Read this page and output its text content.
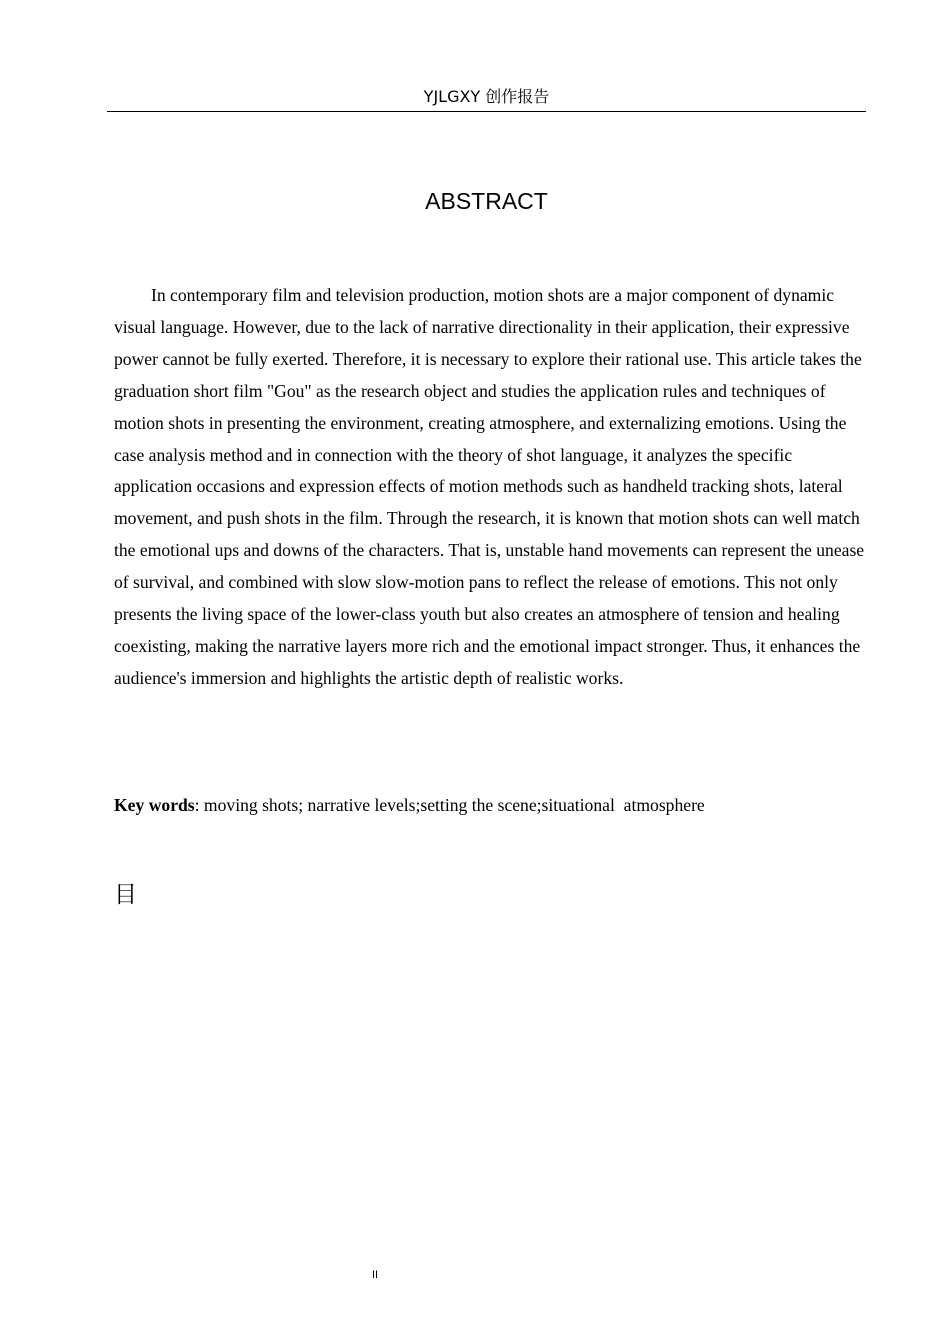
YJLGXY 创作报告
ABSTRACT

In contemporary film and television production, motion shots are a major component of dynamic visual language. However, due to the lack of narrative directionality in their application, their expressive power cannot be fully exerted. Therefore, it is necessary to explore their rational use. This article takes the graduation short film "Gou" as the research object and studies the application rules and techniques of motion shots in presenting the environment, creating atmosphere, and externalizing emotions. Using the case analysis method and in connection with the theory of shot language, it analyzes the specific application occasions and expression effects of motion methods such as handheld tracking shots, lateral movement, and push shots in the film. Through the research, it is known that motion shots can well match the emotional ups and downs of the characters. That is, unstable hand movements can represent the unease of survival, and combined with slow slow-motion pans to reflect the release of emotions. This not only presents the living space of the lower-class youth but also creates an atmosphere of tension and healing coexisting, making the narrative layers more rich and the emotional impact stronger. Thus, it enhances the audience's immersion and highlights the artistic depth of realistic works.

Key words: moving shots; narrative levels;setting the scene;situational  atmosphere

目
II
